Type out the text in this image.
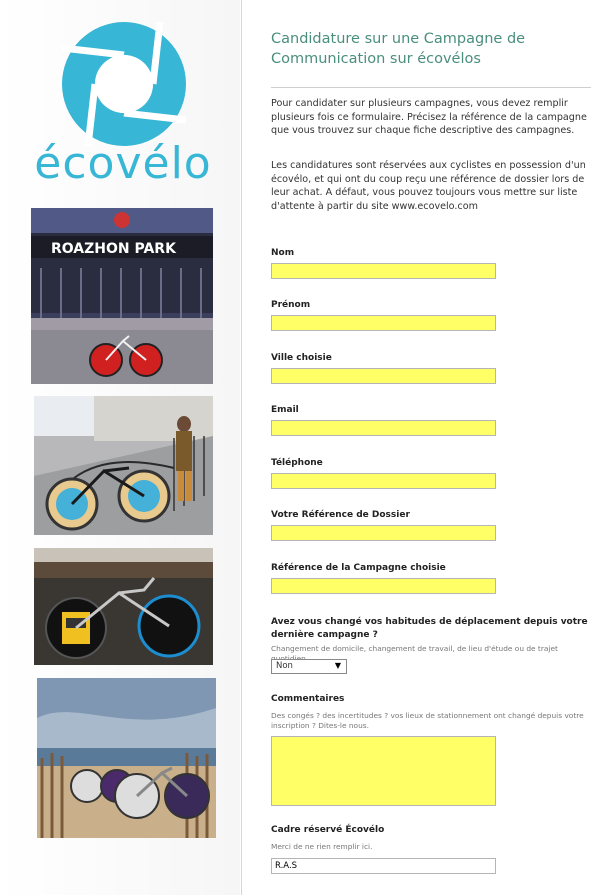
écovélo
ROAZHON PARK
Candidature sur une Campagne de Communication sur écovélos
Pour candidater sur plusieurs campagnes, vous devez remplir plusieurs fois ce formulaire. Précisez la référence de la campagne que vous trouvez sur chaque fiche descriptive des campagnes.
Les candidatures sont réservées aux cyclistes en possession d'un écovélo, et qui ont du coup reçu une référence de dossier lors de leur achat. A défaut, vous pouvez toujours vous mettre sur liste d'attente à partir du site www.ecovelo.com
Nom
Prénom
Ville choisie
Email
Téléphone
Votre Référence de Dossier
Référence de la Campagne choisie
Avez vous changé vos habitudes de déplacement depuis votre dernière campagne ?
Changement de domicile, changement de travail, de lieu d'étude ou de trajet
Non	▼
Commentaires
Des congés ? des incertitudes ? vos lieux de stationnement ont changé depuis votre inscription ? Dites-le nous.
Cadre réservé Écovélo
Merci de ne rien remplir ici.
R.A.S
